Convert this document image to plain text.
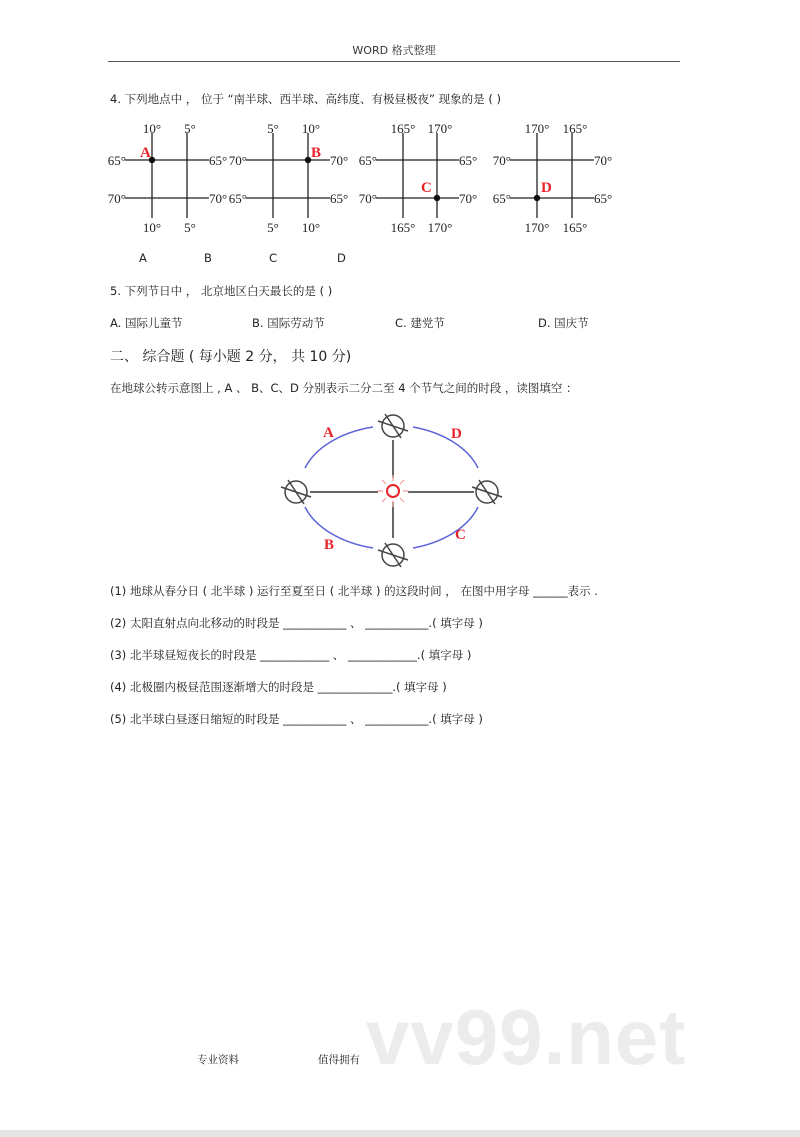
WORD 格式整理
4. 下列地点中 ， 位于 “南半球、西半球、高纬度、有极昼极夜” 现象的是 ( )
10°
10°
5°
5°
65°	65°
70°	70°
A
5°
5°
10°
10°
70°	70°
65°	65°
B
165°
165°
170°
170°
65°	65°
70°	70°
C
170°
170°
165°
165°
70°	70°
65°	65°
D
A	B	C	D
5. 下列节日中 ， 北京地区白天最长的是 ( )
A. 国际儿童节	B. 国际劳动节	C. 建党节	D. 国庆节
二、 综合题 ( 每小题 2 分， 共 10 分)
在地球公转示意图上 , A 、 B、C、D 分别表示二分二至 4 个节气之间的时段 ，读图填空 ：
A	D
B
C
(1) 地球从春分日 ( 北半球 ) 运行至夏至日 ( 北半球 ) 的这段时间 ， 在图中用字母 ______表示 .
(2) 太阳直射点向北移动的时段是 ___________ 、 ___________.( 填字母 )
(3) 北半球昼短夜长的时段是 ____________ 、 ____________.( 填字母 )
(4) 北极圈内极昼范围逐渐增大的时段是 _____________.( 填字母 )
(5) 北半球白昼逐日缩短的时段是 ___________ 、 ___________.( 填字母 )
vv99.net
专业资料	值得拥有
